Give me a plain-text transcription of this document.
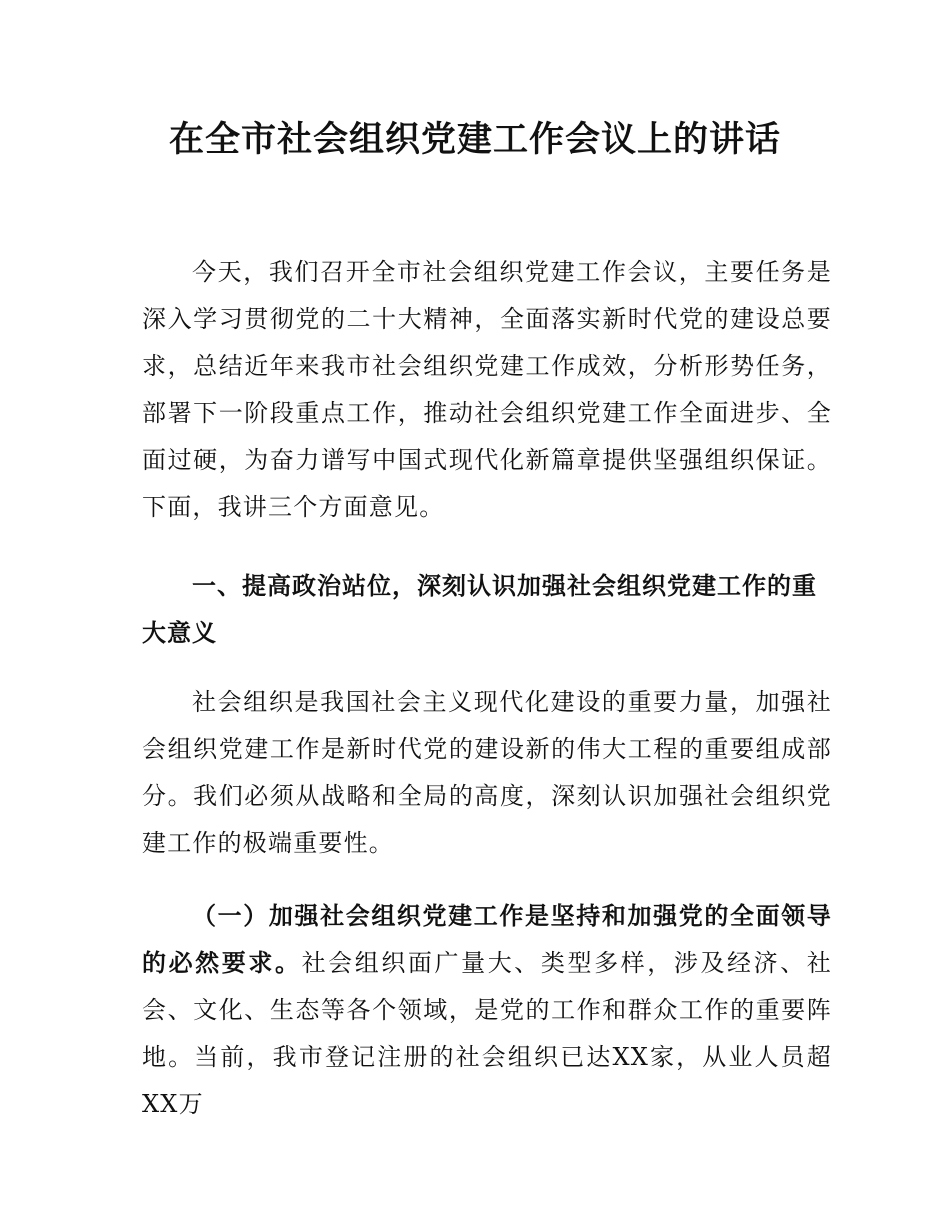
在全市社会组织党建工作会议上的讲话

今天，我们召开全市社会组织党建工作会议，主要任务是深入学习贯彻党的二十大精神，全面落实新时代党的建设总要求，总结近年来我市社会组织党建工作成效，分析形势任务，部署下一阶段重点工作，推动社会组织党建工作全面进步、全面过硬，为奋力谱写中国式现代化新篇章提供坚强组织保证。下面，我讲三个方面意见。

一、提高政治站位，深刻认识加强社会组织党建工作的重大意义

社会组织是我国社会主义现代化建设的重要力量，加强社会组织党建工作是新时代党的建设新的伟大工程的重要组成部分。我们必须从战略和全局的高度，深刻认识加强社会组织党建工作的极端重要性。

（一）加强社会组织党建工作是坚持和加强党的全面领导的必然要求。社会组织面广量大、类型多样，涉及经济、社会、文化、生态等各个领域，是党的工作和群众工作的重要阵地。当前，我市登记注册的社会组织已达XX家，从业人员超XX万
